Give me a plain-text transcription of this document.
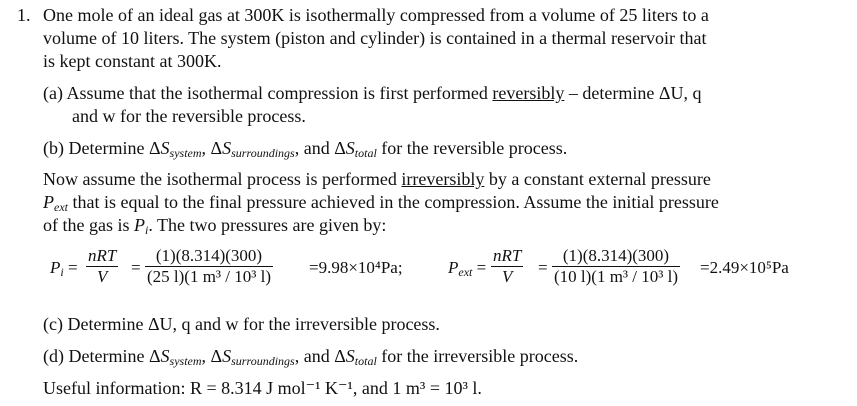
1. One mole of an ideal gas at 300K is isothermally compressed from a volume of 25 liters to a
volume of 10 liters. The system (piston and cylinder) is contained in a thermal reservoir that
is kept constant at 300K.
(a) Assume that the isothermal compression is first performed reversibly – determine ΔU, q
and w for the reversible process.
(b) Determine $\Delta S_{system}$, $\Delta S_{surroundings}$, and $\Delta S_{total}$ for the reversible process.
Now assume the isothermal process is performed irreversibly by a constant external pressure
$P_{ext}$ that is equal to the final pressure achieved in the compression. Assume the initial pressure
of the gas is $P_i$. The two pressures are given by:
$P_i$ =
nRT
V	= $\frac{(1)(8.314)(300)}{\text{(25 l)(1 m³ / 10³ l)}} =9.98\times 10^4Pa$;	$P_{ext}$ =
nRT
V	= $\frac{(1)(8.314)(300)}{\text{(10 l)(1 m³ / 10³ l)}} =2.49\times 10^5Pa$
(c) Determine ΔU, q and w for the irreversible process.
(d) Determine $\Delta S_{system}$, $\Delta S_{surroundings}$, and $\Delta S_{total}$ for the irreversible process.
Useful information: R = 8.314 J mol⁻¹ K⁻¹, and 1 m³ = 10³ l.
